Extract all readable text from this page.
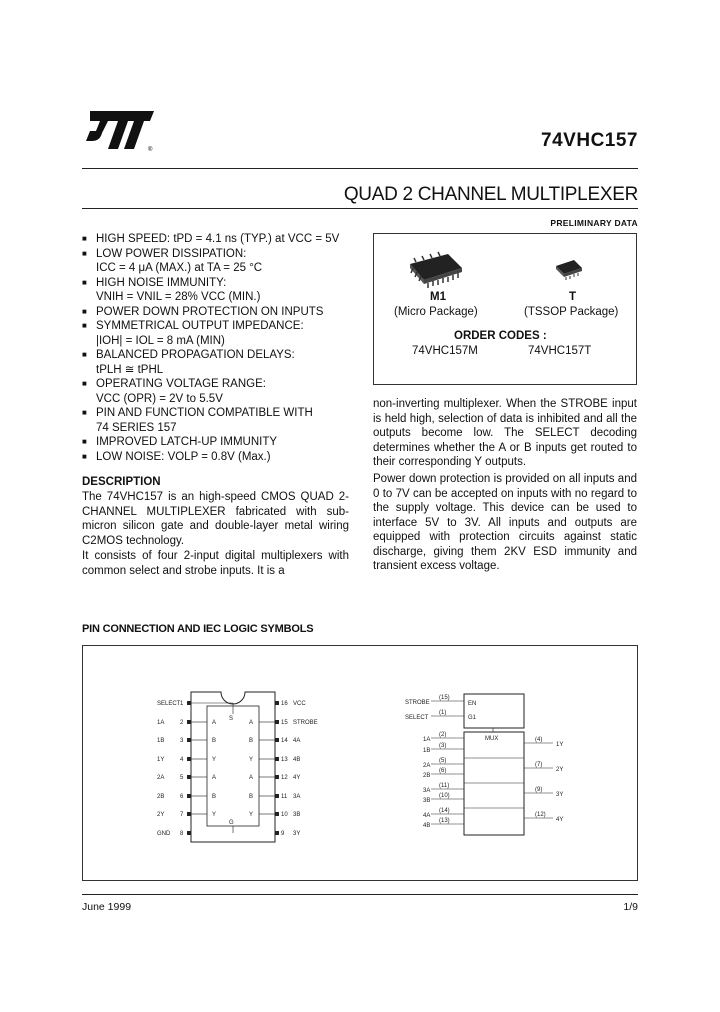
®	74VHC157
QUAD 2 CHANNEL MULTIPLEXER
PRELIMINARY DATA
■ HIGH SPEED: tPD = 4.1 ns (TYP.) at VCC = 5V
■ LOW POWER DISSIPATION:
ICC = 4 μA (MAX.) at TA = 25 °C
■ HIGH NOISE IMMUNITY:
VNIH = VNIL = 28% VCC (MIN.)
■ POWER DOWN PROTECTION ON INPUTS
■ SYMMETRICAL OUTPUT IMPEDANCE:
|IOH| = IOL = 8 mA (MIN)
■ BALANCED PROPAGATION DELAYS:
tPLH ≅ tPHL
■ OPERATING VOLTAGE RANGE:
VCC (OPR) = 2V to 5.5V
■ PIN AND FUNCTION COMPATIBLE WITH
74 SERIES 157
■ IMPROVED LATCH-UP IMMUNITY
■ LOW NOISE: VOLP = 0.8V (Max.)
M1
(Micro Package)
T
(TSSOP Package)
ORDER CODES :
74VHC157M	74VHC157T
DESCRIPTION
The 74VHC157 is an high-speed CMOS QUAD 2-CHANNEL MULTIPLEXER fabricated with sub-micron silicon gate and double-layer metal wiring C2MOS technology.
It consists of four 2-input digital multiplexers with common select and strobe inputs. It is a
non-inverting multiplexer. When the STROBE input is held high, selection of data is inhibited and all the outputs become low. The SELECT decoding determines whether the A or B inputs get routed to their corresponding Y outputs.
Power down protection is provided on all inputs and 0 to 7V can be accepted on inputs with no regard to the supply voltage. This device can be used to interface 5V to 3V. All inputs and outputs are equipped with protection circuits against static discharge, giving them 2KV ESD immunity and transient excess voltage.
PIN CONNECTION AND IEC LOGIC SYMBOLS
A
B
Y
A
B
Y
A
B
Y
A
B
Y
S
G
1
2
3
4
5
6
7
8
16
15
14
13
12
11
10
9
SELECT
1A
1B
1Y
2A
2B
2Y
GND
VCC
STROBE
4A
4B
4Y
3A
3B
3Y
EN
G1
MUX
STROBE
SELECT
1A
1B
2A
2B
3A
3B
4A
4B
(15)
(1)
(2)
(3)
(5)
(6)
(11)
(10)
(14)
(13)
1Y
2Y
3Y
4Y
(4)
(7)
(9)
(12)
June 1999	1/9
